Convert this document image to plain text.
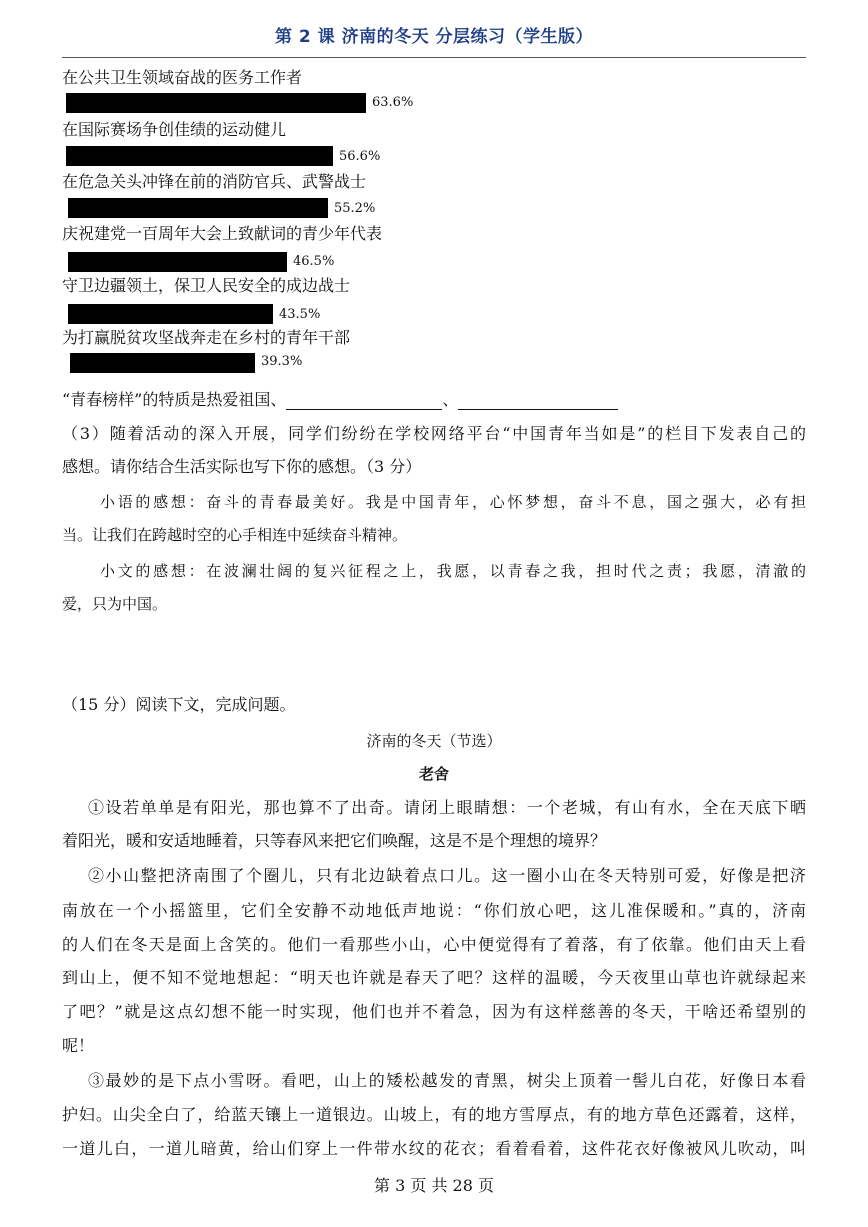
第 2 课 济南的冬天 分层练习（学生版）
在公共卫生领域奋战的医务工作者
63.6%
在国际赛场争创佳绩的运动健儿
56.6%
在危急关头冲锋在前的消防官兵、武警战士
55.2%
庆祝建党一百周年大会上致献词的青少年代表
46.5%
守卫边疆领土，保卫人民安全的成边战士
43.5%
为打赢脱贫攻坚战奔走在乡村的青年干部
39.3%
“青春榜样”的特质是热爱祖国、	、
（3）随着活动的深入开展，同学们纷纷在学校网络平台“中国青年当如是”的栏目下发表自己的
感想。请你结合生活实际也写下你的感想。（3 分）
小语的感想：奋斗的青春最美好。我是中国青年，心怀梦想，奋斗不息，国之强大，必有担
当。让我们在跨越时空的心手相连中延续奋斗精神。
小文的感想：在波澜壮阔的复兴征程之上，我愿，以青春之我，担时代之责；我愿，清澈的
爱，只为中国。
（15 分）阅读下文，完成问题。
济南的冬天（节选）
老舍
①设若单单是有阳光，那也算不了出奇。请闭上眼睛想：一个老城，有山有水，全在天底下晒
着阳光，暖和安适地睡着，只等春风来把它们唤醒，这是不是个理想的境界？
②小山整把济南围了个圈儿，只有北边缺着点口儿。这一圈小山在冬天特别可爱，好像是把济
南放在一个小摇篮里，它们全安静不动地低声地说：“你们放心吧，这儿准保暖和。”真的，济南
的人们在冬天是面上含笑的。他们一看那些小山，心中便觉得有了着落，有了依靠。他们由天上看
到山上，便不知不觉地想起：“明天也许就是春天了吧？这样的温暖，今天夜里山草也许就绿起来
了吧？”就是这点幻想不能一时实现，他们也并不着急，因为有这样慈善的冬天，干啥还希望别的
呢！
③最妙的是下点小雪呀。看吧，山上的矮松越发的青黑，树尖上顶着一髻儿白花，好像日本看
护妇。山尖全白了，给蓝天镶上一道银边。山坡上，有的地方雪厚点，有的地方草色还露着，这样，
一道儿白，一道儿暗黄，给山们穿上一件带水纹的花衣；看着看着，这件花衣好像被风儿吹动，叫
第 3 页 共 28 页
